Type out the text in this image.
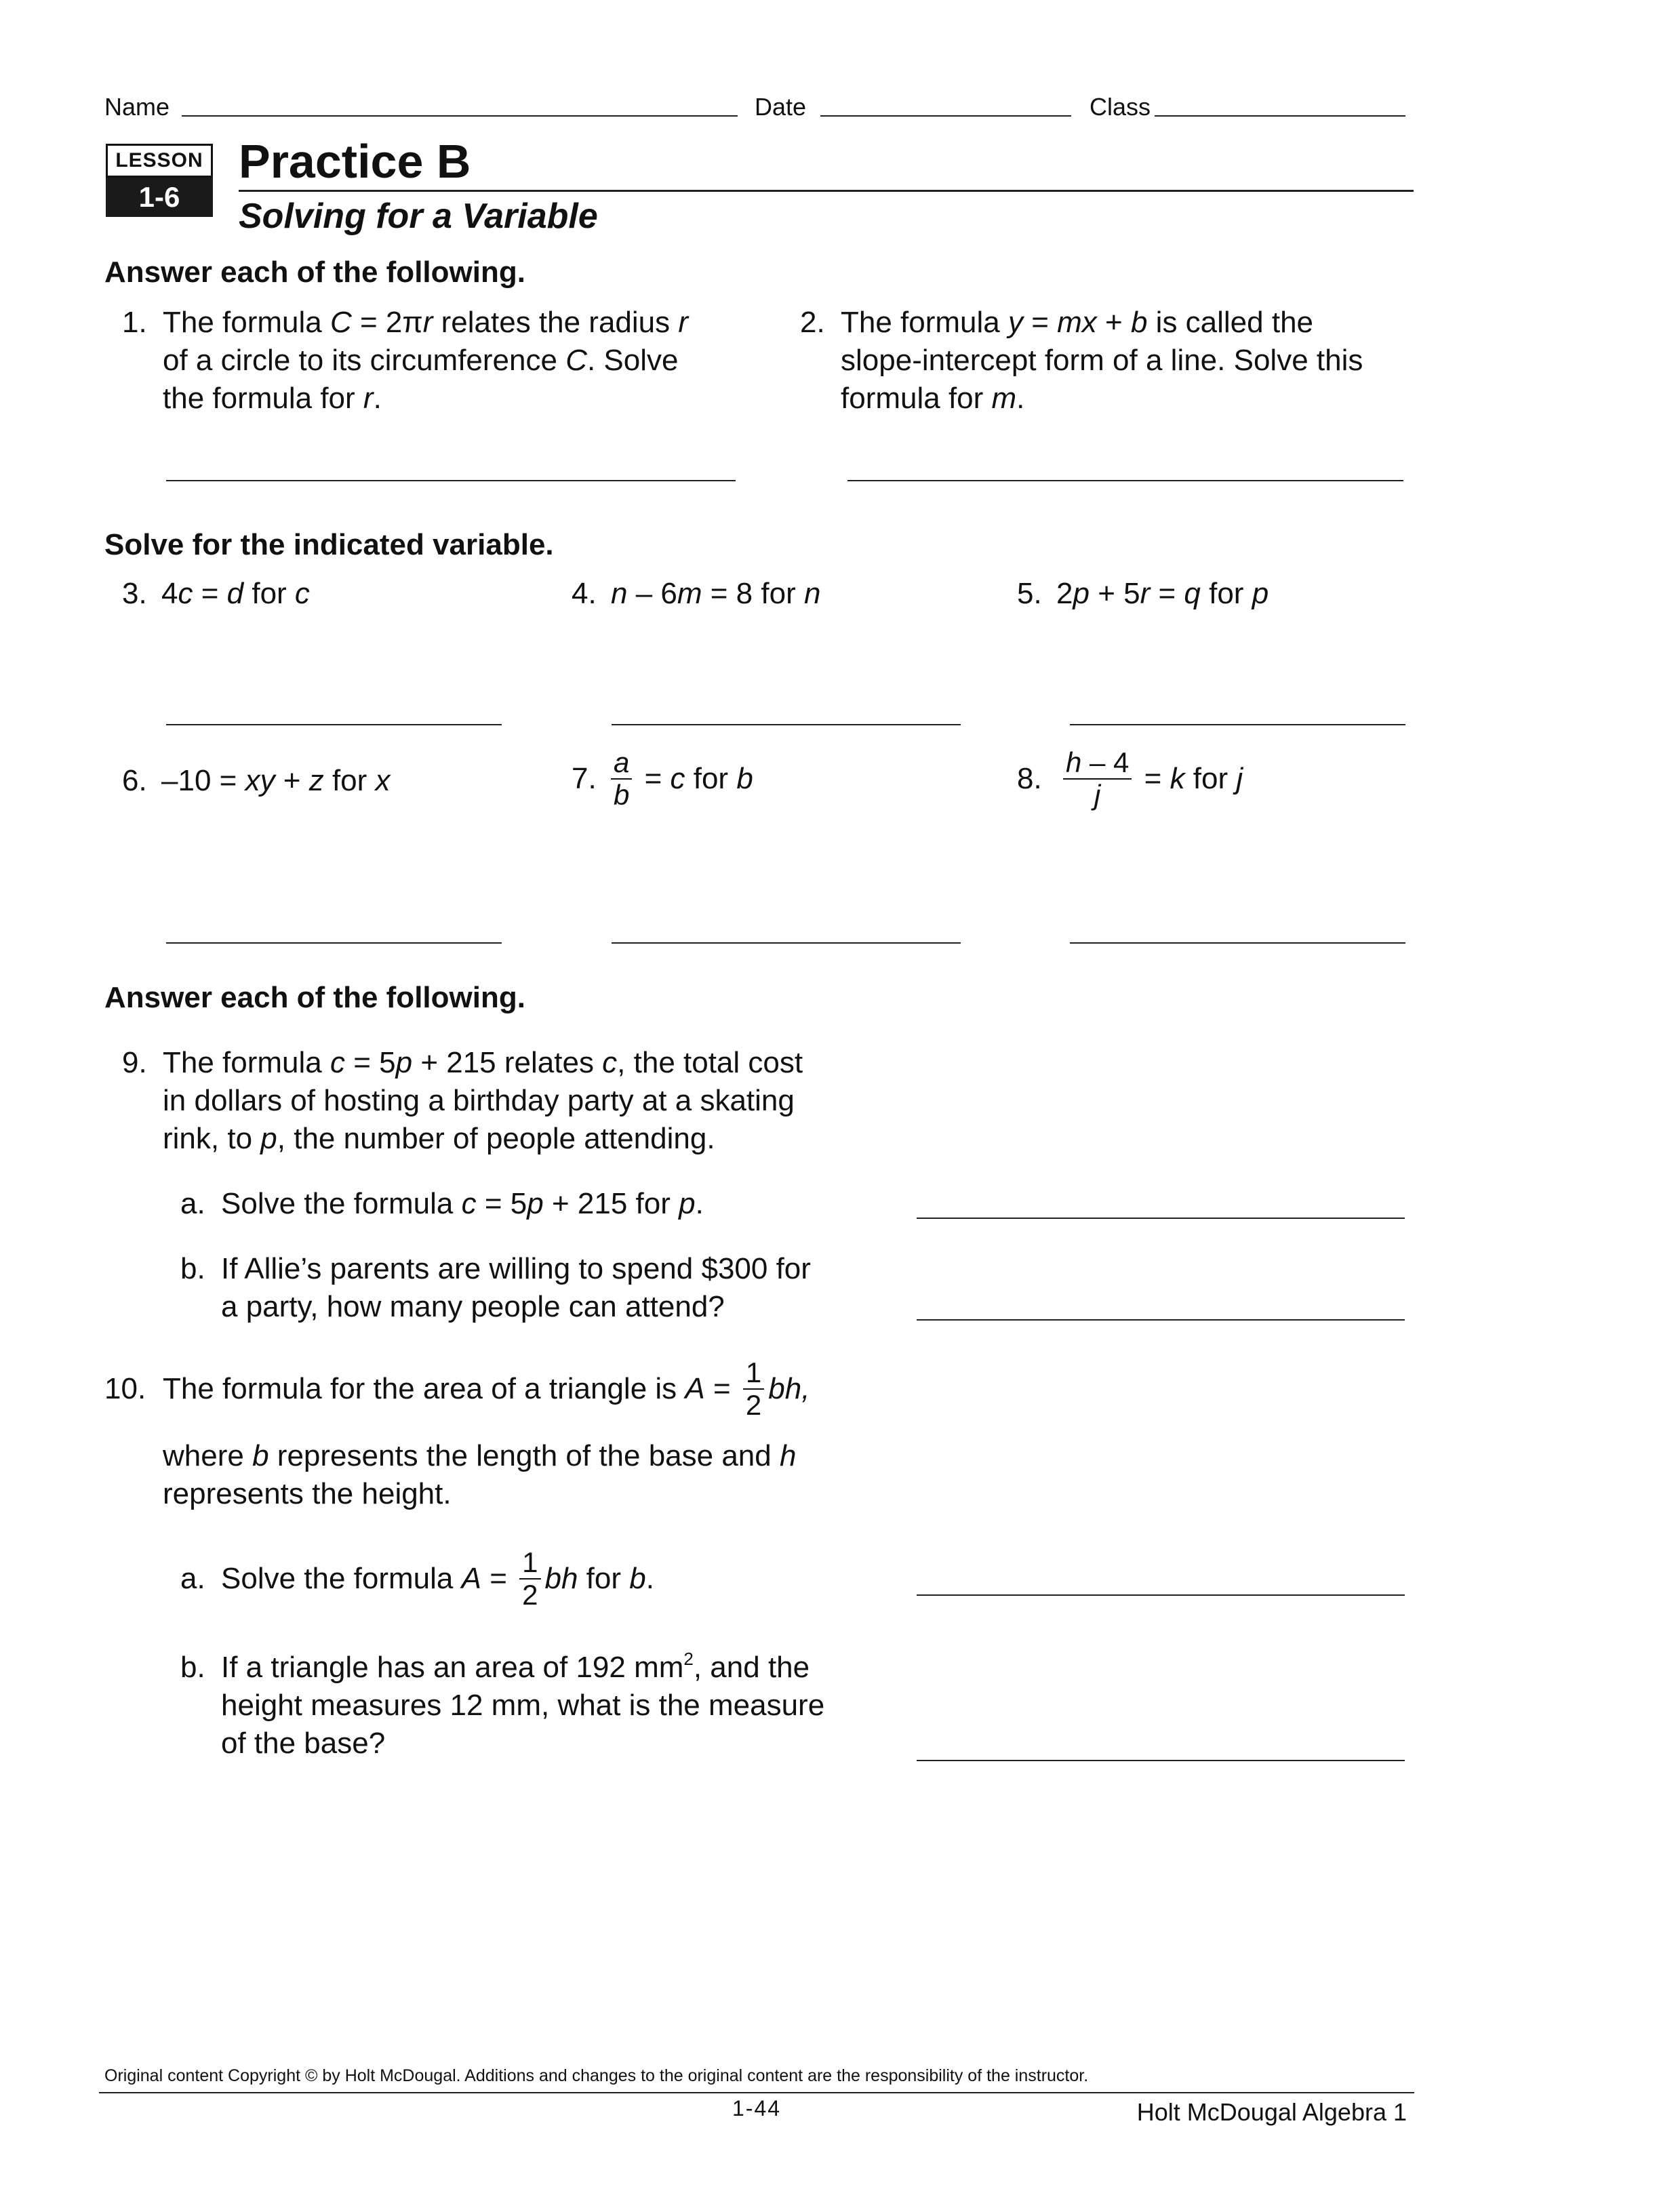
Name	Date	Class
LESSON
1-6
Practice B
Solving for a Variable
Answer each of the following.
1. The formula C = 2πr relates the radius r
of a circle to its circumference C. Solve
the formula for r.
2. The formula y = mx + b is called the
slope-intercept form of a line. Solve this
formula for m.
Solve for the indicated variable.
3. 4c = d for c	4. n – 6m = 8 for n	5. 2p + 5r = q for p
6. –10 = xy + z for x	7. $\frac{a}{b} = c$ for b	8. $\frac{h - 4}{j} = k$ for j
Answer each of the following.
9. The formula c = 5p + 215 relates c, the total cost
in dollars of hosting a birthday party at a skating
rink, to p, the number of people attending.
a. Solve the formula c = 5p + 215 for p.
b. If Allie’s parents are willing to spend $300 for
a party, how many people can attend?
10. The formula for the area of a triangle is $A = \frac{1}{2}$ bh,
where b represents the length of the base and h
represents the height.
a. Solve the formula $A = \frac{1}{2}$ bh for b.
b. If a triangle has an area of 192 $mm^2$, and the
height measures 12 mm, what is the measure
of the base?
Original content Copyright © by Holt McDougal. Additions and changes to the original content are the responsibility of the instructor.
1-44	Holt McDougal Algebra 1
